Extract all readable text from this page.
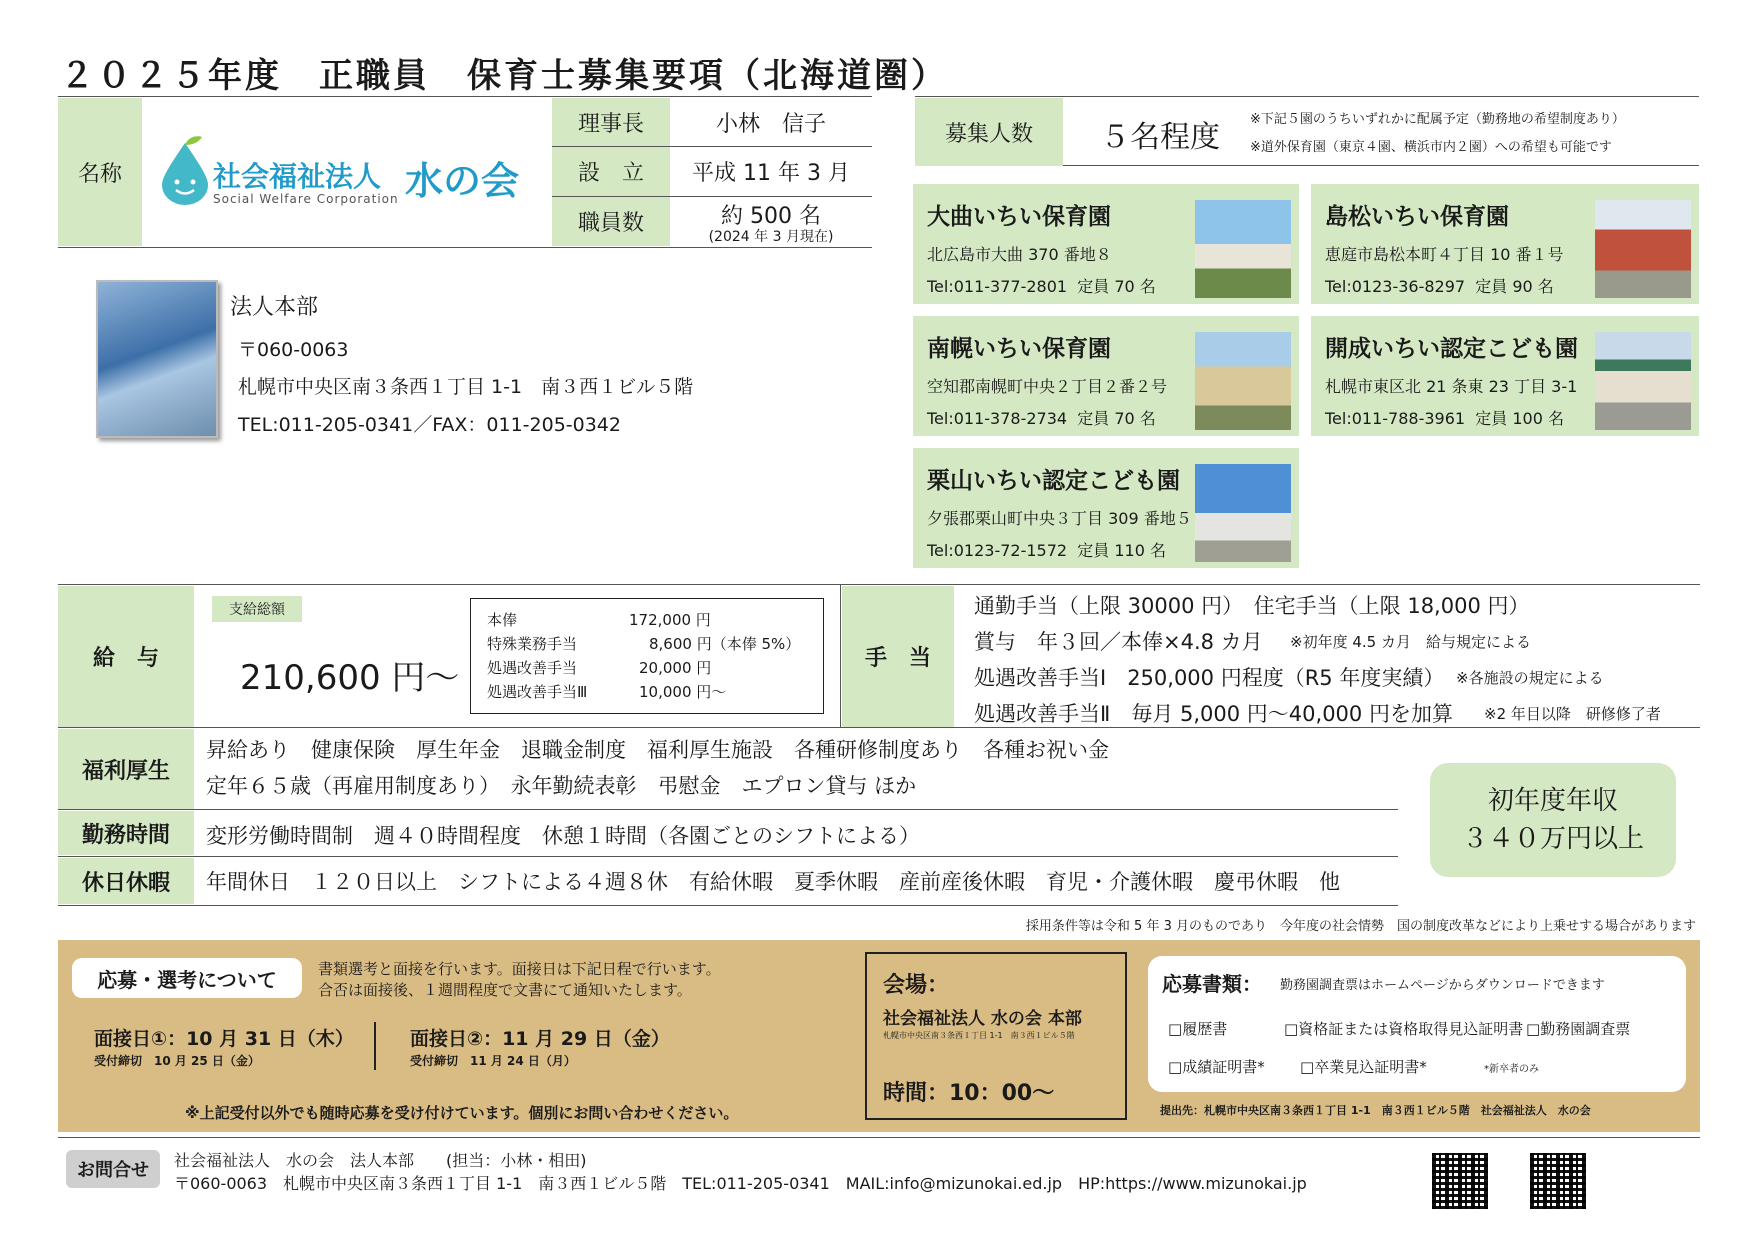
２０２５年度　正職員　保育士募集要項（北海道圏）
名称	社会福祉法人 水の会
Social Welfare Corporation
理事長	小林　信子
設　立	平成 11 年 3 月
職員数	約 500 名
(2024 年 3 月現在)
法人本部
〒060-0063
札幌市中央区南３条西１丁目 1-1　南３西１ビル５階
TEL:011-205-0341／FAX：011-205-0342
募集人数	５名程度
※下記５園のうちいずれかに配属予定（勤務地の希望制度あり）
※道外保育園（東京４園、横浜市内２園）への希望も可能です
大曲いちい保育園
北広島市大曲 370 番地８
Tel:011-377-2801 定員 70 名
島松いちい保育園
恵庭市島松本町４丁目 10 番１号
Tel:0123-36-8297 定員 90 名
南幌いちい保育園
空知郡南幌町中央２丁目２番２号
Tel:011-378-2734 定員 70 名
開成いちい認定こども園
札幌市東区北 21 条東 23 丁目 3-1
Tel:011-788-3961 定員 100 名
栗山いちい認定こども園
夕張郡栗山町中央３丁目 309 番地５
Tel:0123-72-1572 定員 110 名
給　与
支給総額
210,600 円～
本俸	172,000 円
特殊業務手当	8,600 円（本俸 5%）
処遇改善手当	20,000 円
処遇改善手当Ⅲ	10,000 円～
手　当
通勤手当（上限 30000 円）　住宅手当（上限 18,000 円）
賞与　年３回／本俸×4.8 カ月 ※初年度 4.5 カ月　給与規定による
処遇改善手当Ⅰ　250,000 円程度（R5 年度実績） ※各施設の規定による
処遇改善手当Ⅱ　毎月 5,000 円～40,000 円を加算 ※2 年目以降　研修修了者
福利厚生
昇給あり　健康保険　厚生年金　退職金制度　福利厚生施設　各種研修制度あり　各種お祝い金
定年６５歳（再雇用制度あり）　永年勤続表彰　弔慰金　エプロン貸与 ほか
勤務時間	変形労働時間制　週４０時間程度　休憩１時間（各園ごとのシフトによる）
休日休暇	年間休日　１２０日以上　シフトによる４週８休　有給休暇　夏季休暇　産前産後休暇　育児・介護休暇　慶弔休暇　他
初年度年収
３４０万円以上
採用条件等は令和 5 年 3 月のものであり　今年度の社会情勢　国の制度改革などにより上乗せする場合があります
応募・選考について	書類選考と面接を行います。面接日は下記日程で行います。
合否は面接後、１週間程度で文書にて通知いたします。
面接日①：10 月 31 日（木）
受付締切　10 月 25 日（金）
面接日②：11 月 29 日（金）
受付締切　11 月 24 日（月）
※上記受付以外でも随時応募を受け付けています。個別にお問い合わせください。
会場：
社会福祉法人 水の会 本部
札幌市中央区南３条西１丁目 1-1　南３西１ビル５階
時間：10：00～
応募書類： 勤務園調査票はホームページからダウンロードできます
□履歴書	□資格証または資格取得見込証明書 □勤務園調査票
□成績証明書* □卒業見込証明書*	*新卒者のみ
提出先：札幌市中央区南３条西１丁目 1-1　南３西１ビル５階　社会福祉法人　水の会
お問合せ	社会福祉法人　水の会　法人本部　　(担当：小林・相田)
〒060-0063　札幌市中央区南３条西１丁目 1-1　南３西１ビル５階　TEL:011-205-0341　MAIL:info@mizunokai.ed.jp　HP:https://www.mizunokai.jp
